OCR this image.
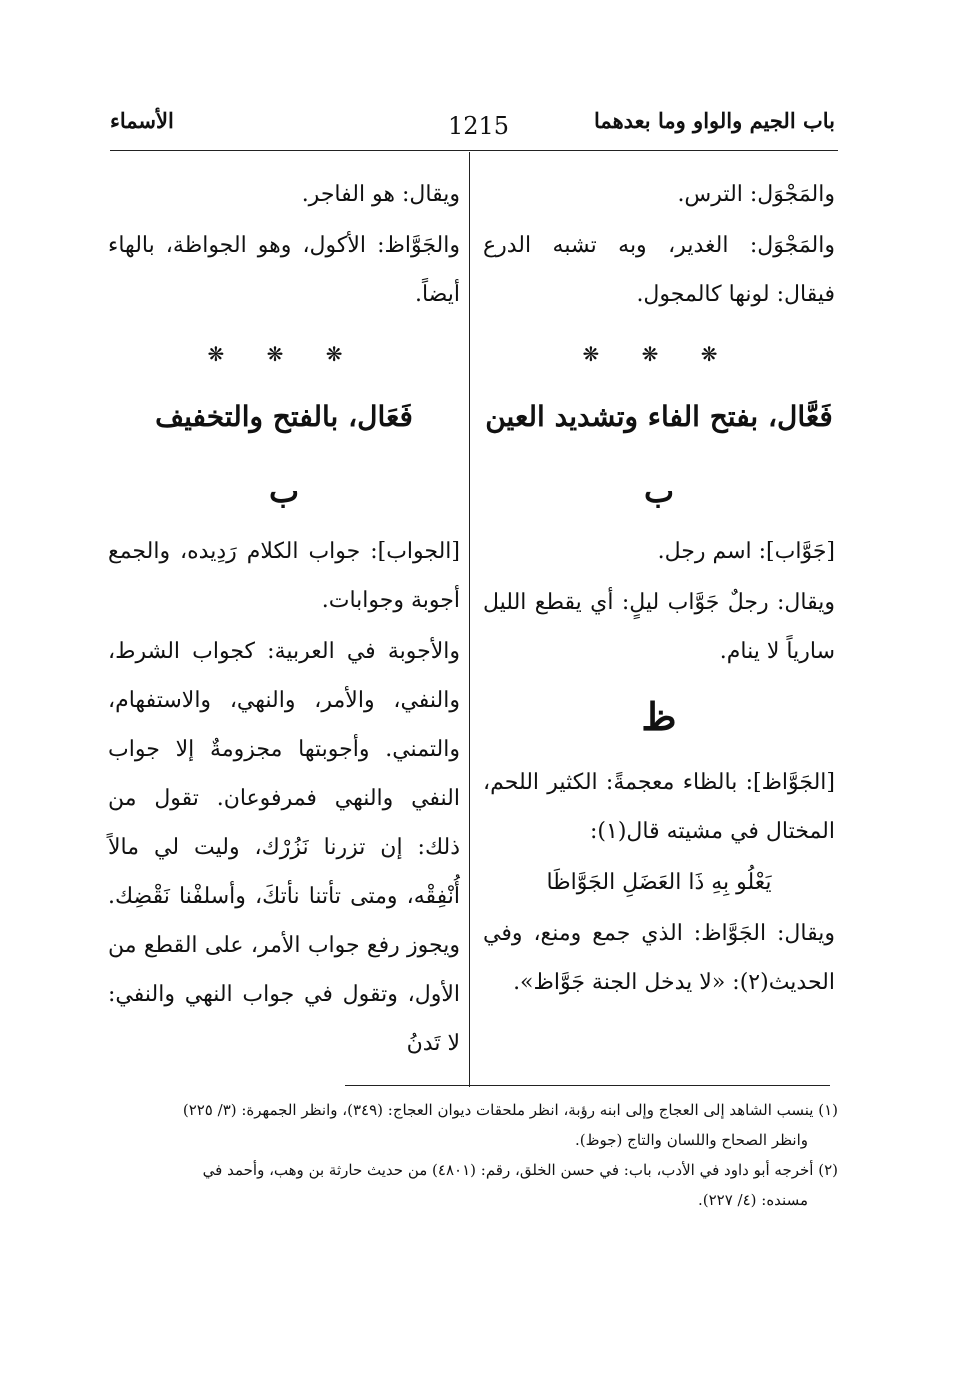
باب الجيم والواو وما بعدهما
1215
الأسماء

والمَجْوَل: الترس.

والمَجْوَل: الغدير، وبه تشبه الدرع فيقال: لونها كالمجول.

❋ ❋ ❋
فَعَّال، بفتح الفاء وتشديد العين
ب

[جَوَّاب]: اسم رجل.

ويقال: رجلٌ جَوَّاب ليلٍ: أي يقطع الليل سارياً لا ينام.

ظ

[الجَوَّاظ]: بالظاء معجمةً: الكثير اللحم، المختال في مشيته قال(١):

يَعْلُو بِهِ ذَا العَضَلِ الجَوَّاظَا

ويقال: الجَوَّاظ: الذي جمع ومنع، وفي الحديث(٢): «لا يدخل الجنة جَوَّاظ».

ويقال: هو الفاجر.

والجَوَّاظ: الأكول، وهو الجواظة، بالهاء أيضاً.

❋ ❋ ❋
فَعَال، بالفتح والتخفيف
ب

[الجواب]: جواب الكلام رَدِيده، والجمع أجوبة وجوابات.

والأجوبة في العربية: كجواب الشرط، والنفي، والأمر، والنهي، والاستفهام، والتمني. وأجوبتها مجزومةٌ إلا جواب النفي والنهي فمرفوعان. تقول من ذلك: إن تزرنا نَزُرْك، وليت لي مالاً أُنْفِقْه، ومتى تأتنا نأتكَ، وأسلفْنا نَقْضِك. ويجوز رفع جواب الأمر، على القطع من الأول، وتقول في جواب النهي والنفي: لا تَدنُ

(١) ينسب الشاهد إلى العجاج وإلى ابنه رؤبة، انظر ملحقات ديوان العجاج: (٣٤٩)، وانظر الجمهرة: (٣/ ٢٢٥)

وانظر الصحاح واللسان والتاج (جوظ).

(٢) أخرجه أبو داود في الأدب، باب: في حسن الخلق، رقم: (٤٨٠١) من حديث حارثة بن وهب، وأحمد في

مسنده: (٤/ ٢٢٧).
